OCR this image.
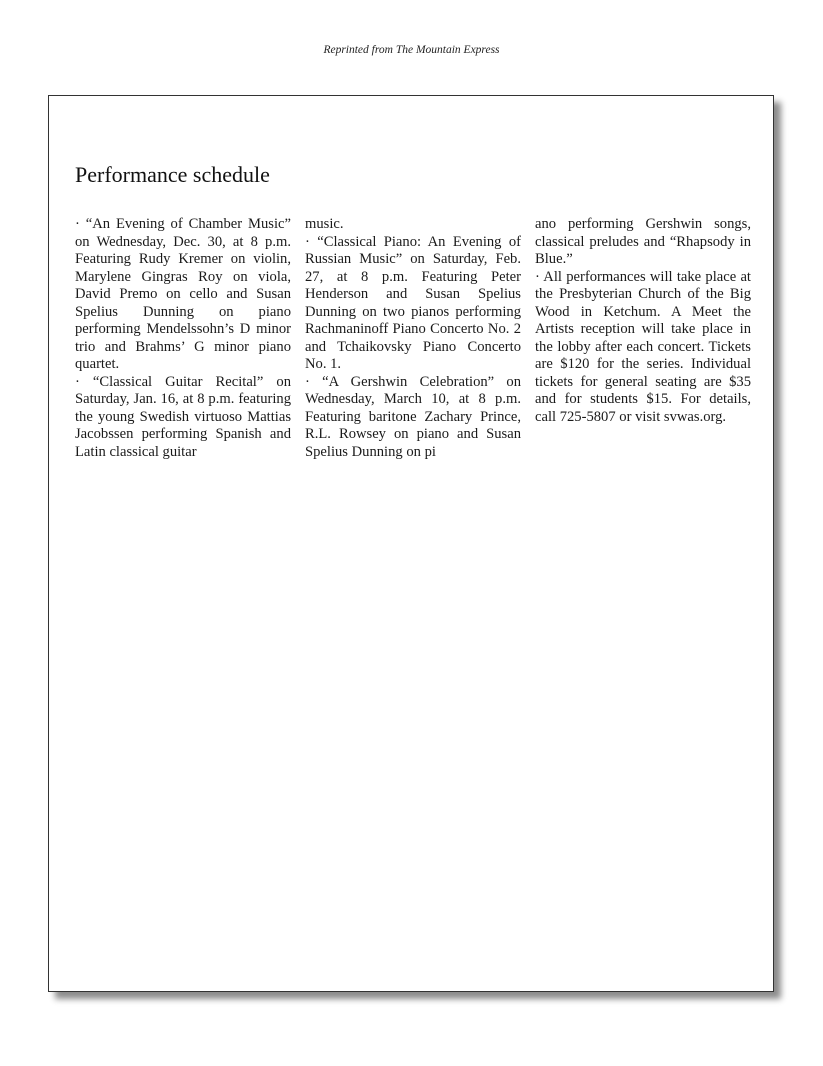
Reprinted from The Mountain Express
Performance schedule

· “An Evening of Chamber Music” on Wednesday, Dec. 30, at 8 p.m. Featuring Rudy Kremer on violin, Marylene Gingras Roy on viola, David Premo on cello and Susan Spelius Dunning on piano performing Mendelssohn’s D minor trio and Brahms’ G minor piano quartet.

· “Classical Guitar Recital” on Saturday, Jan. 16, at 8 p.m. featuring the young Swedish virtuoso Mattias Jacobssen performing Spanish and Latin classical guitar

music.

· “Classical Piano: An Evening of Russian Music” on Saturday, Feb. 27, at 8 p.m. Featuring Peter Henderson and Susan Spelius Dunning on two pianos performing Rachmaninoff Piano Concerto No. 2 and Tchaikovsky Piano Concerto No. 1.

· “A Gershwin Celebration” on Wednesday, March 10, at 8 p.m. Featuring baritone Zachary Prince, R.L. Rowsey on piano and Susan Spelius Dunning on pi

ano performing Gershwin songs, classical preludes and “Rhapsody in Blue.”

· All performances will take place at the Presbyterian Church of the Big Wood in Ketchum. A Meet the Artists reception will take place in the lobby after each concert. Tickets are $120 for the series. Individual tickets for general seating are $35 and for students $15. For details, call 725-5807 or visit svwas.org.
